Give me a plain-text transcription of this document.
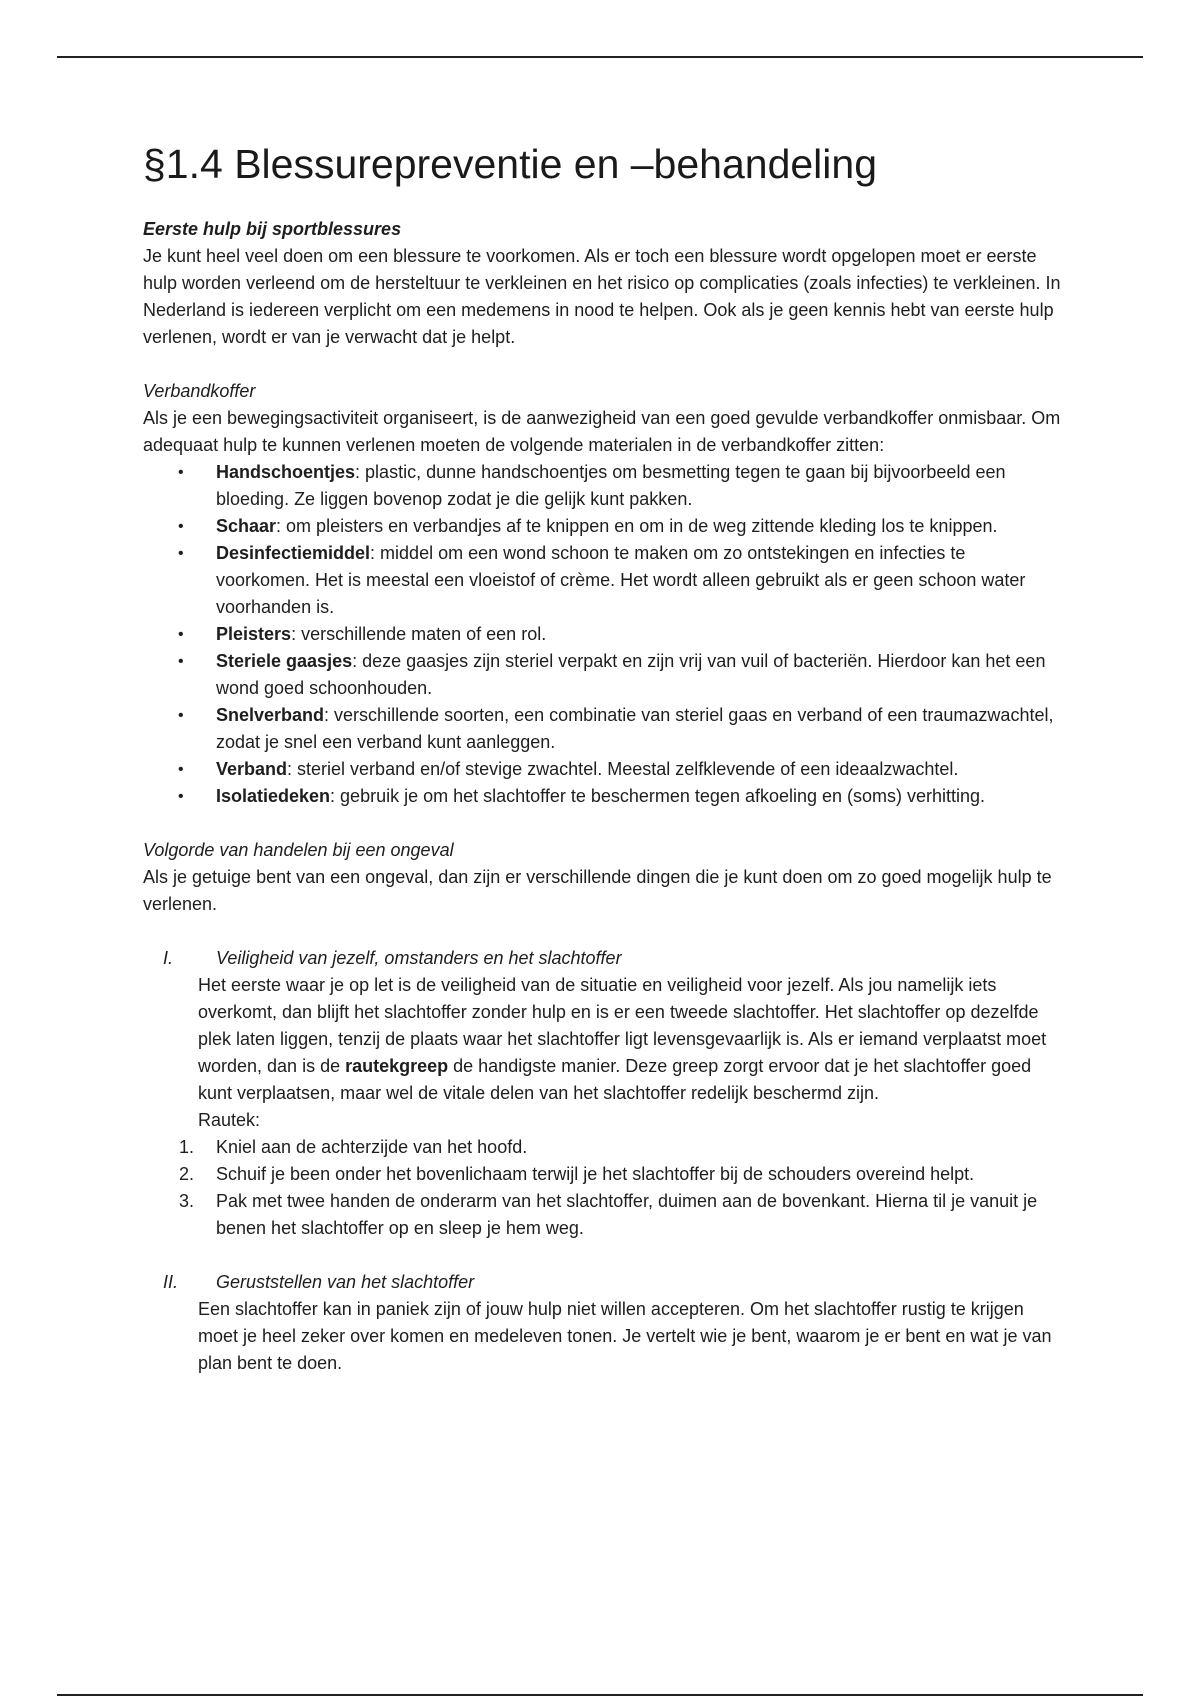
§1.4 Blessurepreventie en –behandeling

Eerste hulp bij sportblessures

Je kunt heel veel doen om een blessure te voorkomen. Als er toch een blessure wordt opgelopen moet er eerste hulp worden verleend om de hersteltuur te verkleinen en het risico op complicaties (zoals infecties) te verkleinen. In Nederland is iedereen verplicht om een medemens in nood te helpen. Ook als je geen kennis hebt van eerste hulp verlenen, wordt er van je verwacht dat je helpt.

Verbandkoffer

Als je een bewegingsactiviteit organiseert, is de aanwezigheid van een goed gevulde verbandkoffer onmisbaar. Om adequaat hulp te kunnen verlenen moeten de volgende materialen in de verbandkoffer zitten:

• Handschoentjes: plastic, dunne handschoentjes om besmetting tegen te gaan bij bijvoorbeeld een bloeding. Ze liggen bovenop zodat je die gelijk kunt pakken.
• Schaar: om pleisters en verbandjes af te knippen en om in de weg zittende kleding los te knippen.
• Desinfectiemiddel: middel om een wond schoon te maken om zo ontstekingen en infecties te voorkomen. Het is meestal een vloeistof of crème. Het wordt alleen gebruikt als er geen schoon water voorhanden is.
• Pleisters: verschillende maten of een rol.
• Steriele gaasjes: deze gaasjes zijn steriel verpakt en zijn vrij van vuil of bacteriën. Hierdoor kan het een wond goed schoonhouden.
• Snelverband: verschillende soorten, een combinatie van steriel gaas en verband of een traumazwachtel, zodat je snel een verband kunt aanleggen.
• Verband: steriel verband en/of stevige zwachtel. Meestal zelfklevende of een ideaalzwachtel.
• Isolatiedeken: gebruik je om het slachtoffer te beschermen tegen afkoeling en (soms) verhitting.

Volgorde van handelen bij een ongeval

Als je getuige bent van een ongeval, dan zijn er verschillende dingen die je kunt doen om zo goed mogelijk hulp te verlenen.

I. Veiligheid van jezelf, omstanders en het slachtoffer

Het eerste waar je op let is de veiligheid van de situatie en veiligheid voor jezelf. Als jou namelijk iets overkomt, dan blijft het slachtoffer zonder hulp en is er een tweede slachtoffer. Het slachtoffer op dezelfde plek laten liggen, tenzij de plaats waar het slachtoffer ligt levensgevaarlijk is. Als er iemand verplaatst moet worden, dan is de rautekgreep de handigste manier. Deze greep zorgt ervoor dat je het slachtoffer goed kunt verplaatsen, maar wel de vitale delen van het slachtoffer redelijk beschermd zijn.

Rautek:

1. Kniel aan de achterzijde van het hoofd.
2. Schuif je been onder het bovenlichaam terwijl je het slachtoffer bij de schouders overeind helpt.
3. Pak met twee handen de onderarm van het slachtoffer, duimen aan de bovenkant. Hierna til je vanuit je benen het slachtoffer op en sleep je hem weg.

II. Geruststellen van het slachtoffer

Een slachtoffer kan in paniek zijn of jouw hulp niet willen accepteren. Om het slachtoffer rustig te krijgen moet je heel zeker over komen en medeleven tonen. Je vertelt wie je bent, waarom je er bent en wat je van plan bent te doen.
